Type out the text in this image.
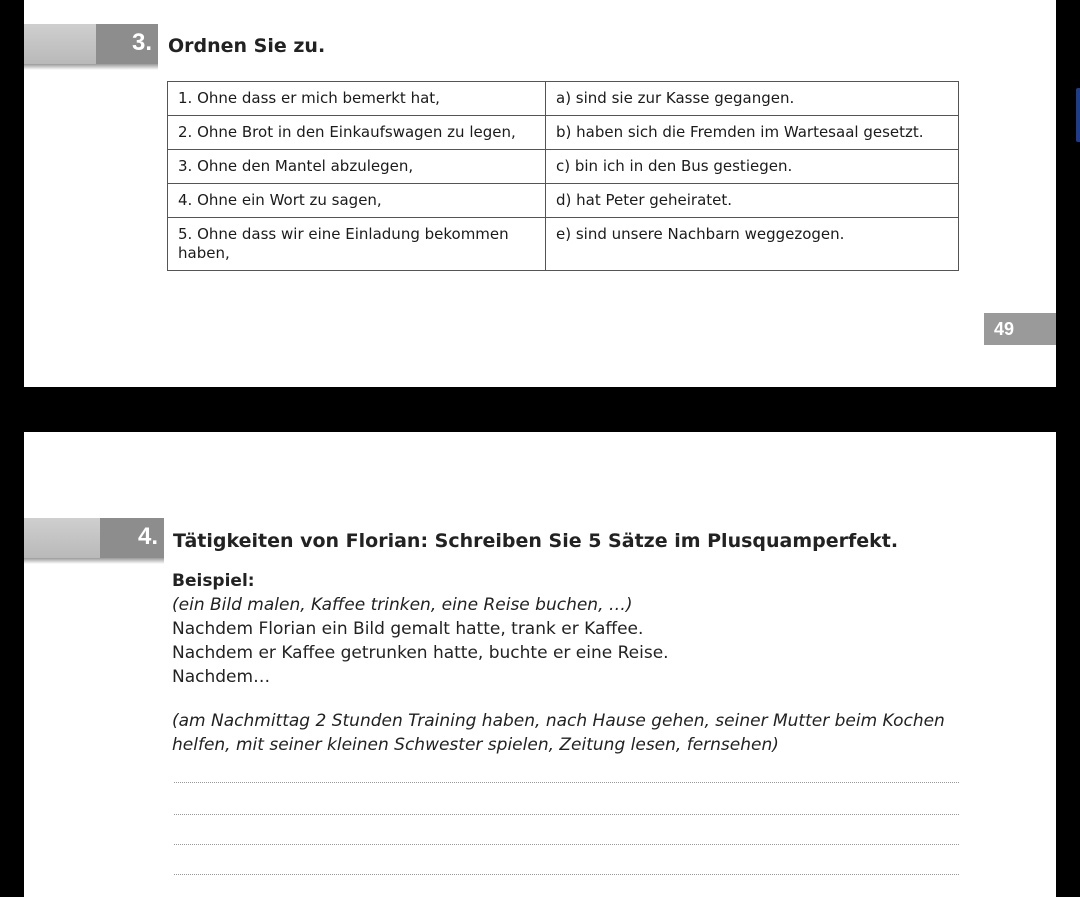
3. Ordnen Sie zu.
1. Ohne dass er mich bemerkt hat,	a) sind sie zur Kasse gegangen.
2. Ohne Brot in den Einkaufswagen zu legen,	b) haben sich die Fremden im Wartesaal gesetzt.
3. Ohne den Mantel abzulegen,	c) bin ich in den Bus gestiegen.
4. Ohne ein Wort zu sagen,	d) hat Peter geheiratet.
5. Ohne dass wir eine Einladung bekommen haben,	e) sind unsere Nachbarn weggezogen.
49
4. Tätigkeiten von Florian: Schreiben Sie 5 Sätze im Plusquamperfekt.
Beispiel:
(ein Bild malen, Kaffee trinken, eine Reise buchen, …)
Nachdem Florian ein Bild gemalt hatte, trank er Kaffee.
Nachdem er Kaffee getrunken hatte, buchte er eine Reise.
Nachdem…
(am Nachmittag 2 Stunden Training haben, nach Hause gehen, seiner Mutter beim Kochen
helfen, mit seiner kleinen Schwester spielen, Zeitung lesen, fernsehen)
